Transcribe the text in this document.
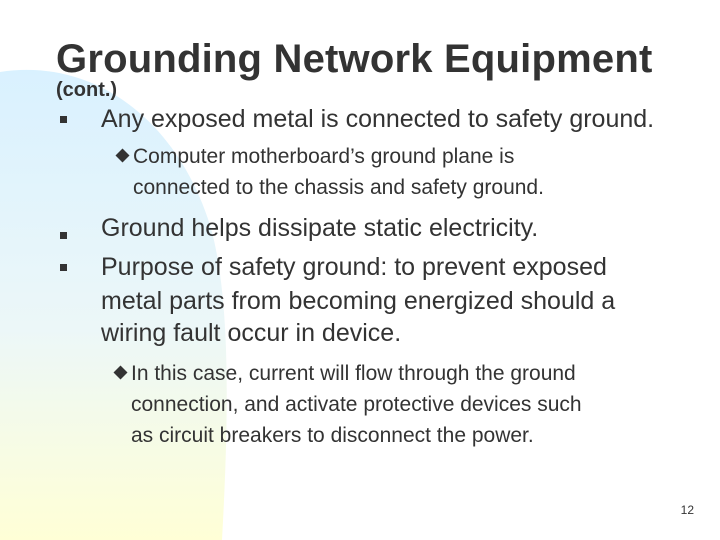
Grounding Network Equipment
(cont.)
Any exposed metal is connected to safety ground.
Computer motherboard’s ground plane is
connected to the chassis and safety ground.
Ground helps dissipate static electricity.
Purpose of safety ground: to prevent exposed
metal parts from becoming energized should a
wiring fault occur in device.
In this case, current will flow through the ground
connection, and activate protective devices such
as circuit breakers to disconnect the power.
12
